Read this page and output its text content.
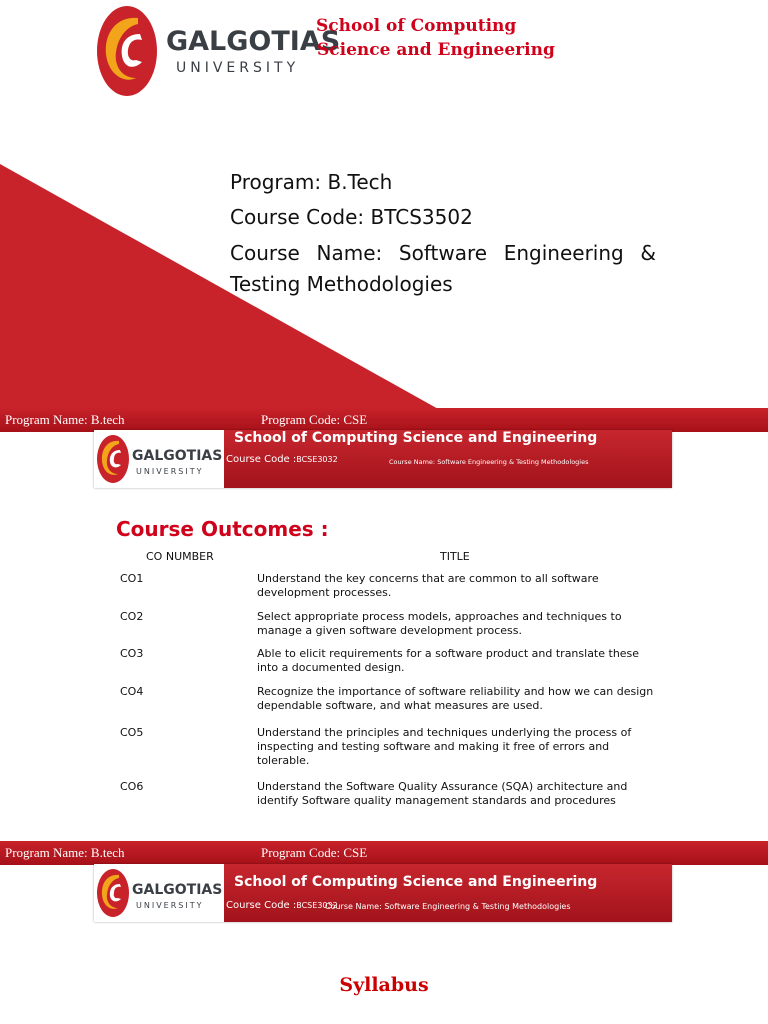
GALGOTIAS
UNIVERSITY
School of Computing
Science and Engineering
Program: B.Tech
Course Code: BTCS3502
Course Name: Software Engineering &
Testing Methodologies
Program Name: B.tech	Program Code: CSE
GALGOTIAS
UNIVERSITY
School of Computing Science and Engineering
Course Code :BCSE3032	Course Name: Software Engineering & Testing Methodologies
Course Outcomes :
CO NUMBER	TITLE
CO1	Understand the key concerns that are common to all software development processes.
CO2	Select appropriate process models, approaches and techniques to manage a given software development process.
CO3	Able to elicit requirements for a software product and translate these into a documented design.
CO4	Recognize the importance of software reliability and how we can design dependable software, and what measures are used.
CO5	Understand the principles and techniques underlying the process of inspecting and testing software and making it free of errors and tolerable.
CO6	Understand the Software Quality Assurance (SQA) architecture and identify Software quality management standards and procedures
Program Name: B.tech	Program Code: CSE
GALGOTIAS
UNIVERSITY
School of Computing Science and Engineering
Course Code :BCSE3032
Course Name: Software Engineering & Testing Methodologies
Syllabus
